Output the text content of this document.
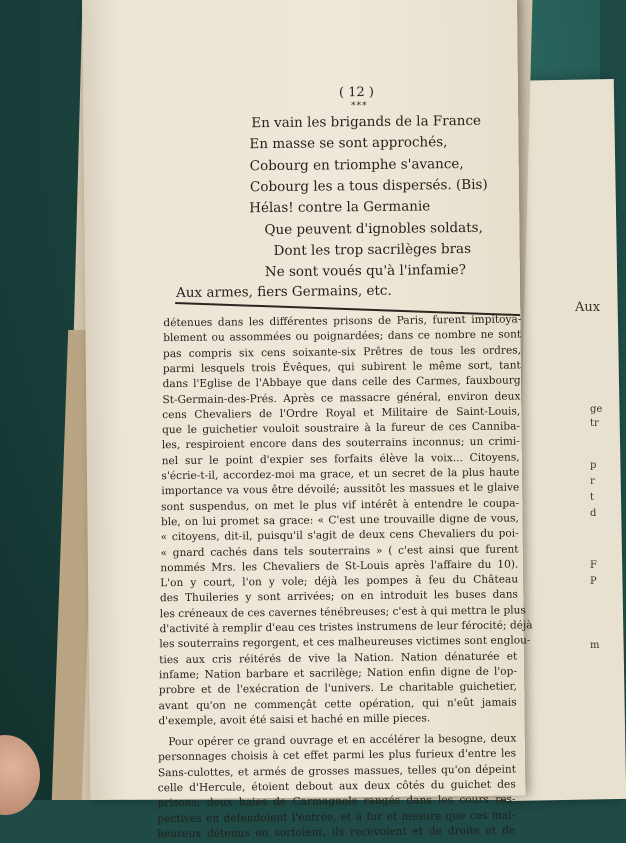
Aux
ge
tr
p
r
t
d
F
P
m
( 12 )
***
En vain les brigands de la France
En masse se sont approchés,
Cobourg en triomphe s'avance,
Cobourg les a tous dispersés. (Bis)
Hélas! contre la Germanie
Que peuvent d'ignobles soldats,
Dont les trop sacrilèges bras
Ne sont voués qu'à l'infamie?
Aux armes, fiers Germains, etc.
détenues dans les différentes prisons de Paris, furent impitoya-
blement ou assommées ou poignardées; dans ce nombre ne sont
pas compris six cens soixante-six Prêtres de tous les ordres,
parmi lesquels trois Évêques, qui subirent le même sort, tant
dans l'Eglise de l'Abbaye que dans celle des Carmes, fauxbourg
St-Germain-des-Prés. Après ce massacre général, environ deux
cens Chevaliers de l'Ordre Royal et Militaire de Saint-Louis,
que le guichetier vouloit soustraire à la fureur de ces Canniba-
les, respiroient encore dans des souterrains inconnus; un crimi-
nel sur le point d'expier ses forfaits élève la voix... Citoyens,
s'écrie-t-il, accordez-moi ma grace, et un secret de la plus haute
importance va vous être dévoilé; aussitôt les massues et le glaive
sont suspendus, on met le plus vif intérêt à entendre le coupa-
ble, on lui promet sa grace: « C'est une trouvaille digne de vous,
« citoyens, dit-il, puisqu'il s'agit de deux cens Chevaliers du poi-
« gnard cachés dans tels souterrains » ( c'est ainsi que furent
nommés Mrs. les Chevaliers de St-Louis après l'affaire du 10).
L'on y court, l'on y vole; déjà les pompes à feu du Château
des Thuileries y sont arrivées; on en introduit les buses dans
les créneaux de ces cavernes ténébreuses; c'est à qui mettra le plus
d'activité à remplir d'eau ces tristes instrumens de leur férocité; déjà
les souterrains regorgent, et ces malheureuses victimes sont englou-
ties aux cris réitérés de vive la Nation. Nation dénaturée et
infame; Nation barbare et sacrilège; Nation enfin digne de l'op-
probre et de l'exécration de l'univers. Le charitable guichetier,
avant qu'on ne commençât cette opération, qui n'eût jamais
d'exemple, avoit été saisi et haché en mille pieces.
Pour opérer ce grand ouvrage et en accélérer la besogne, deux
personnages choisis à cet effet parmi les plus furieux d'entre les
Sans-culottes, et armés de grosses massues, telles qu'on dépeint
celle d'Hercule, étoient debout aux deux côtés du guichet des
prisons; deux haies de Carmagnols rangés dans les cours res-
pectives en défendoient l'entrée, et à fur et mesure que ces mal-
heureux détenus en sortoient, ils recevoient et de droite et de
